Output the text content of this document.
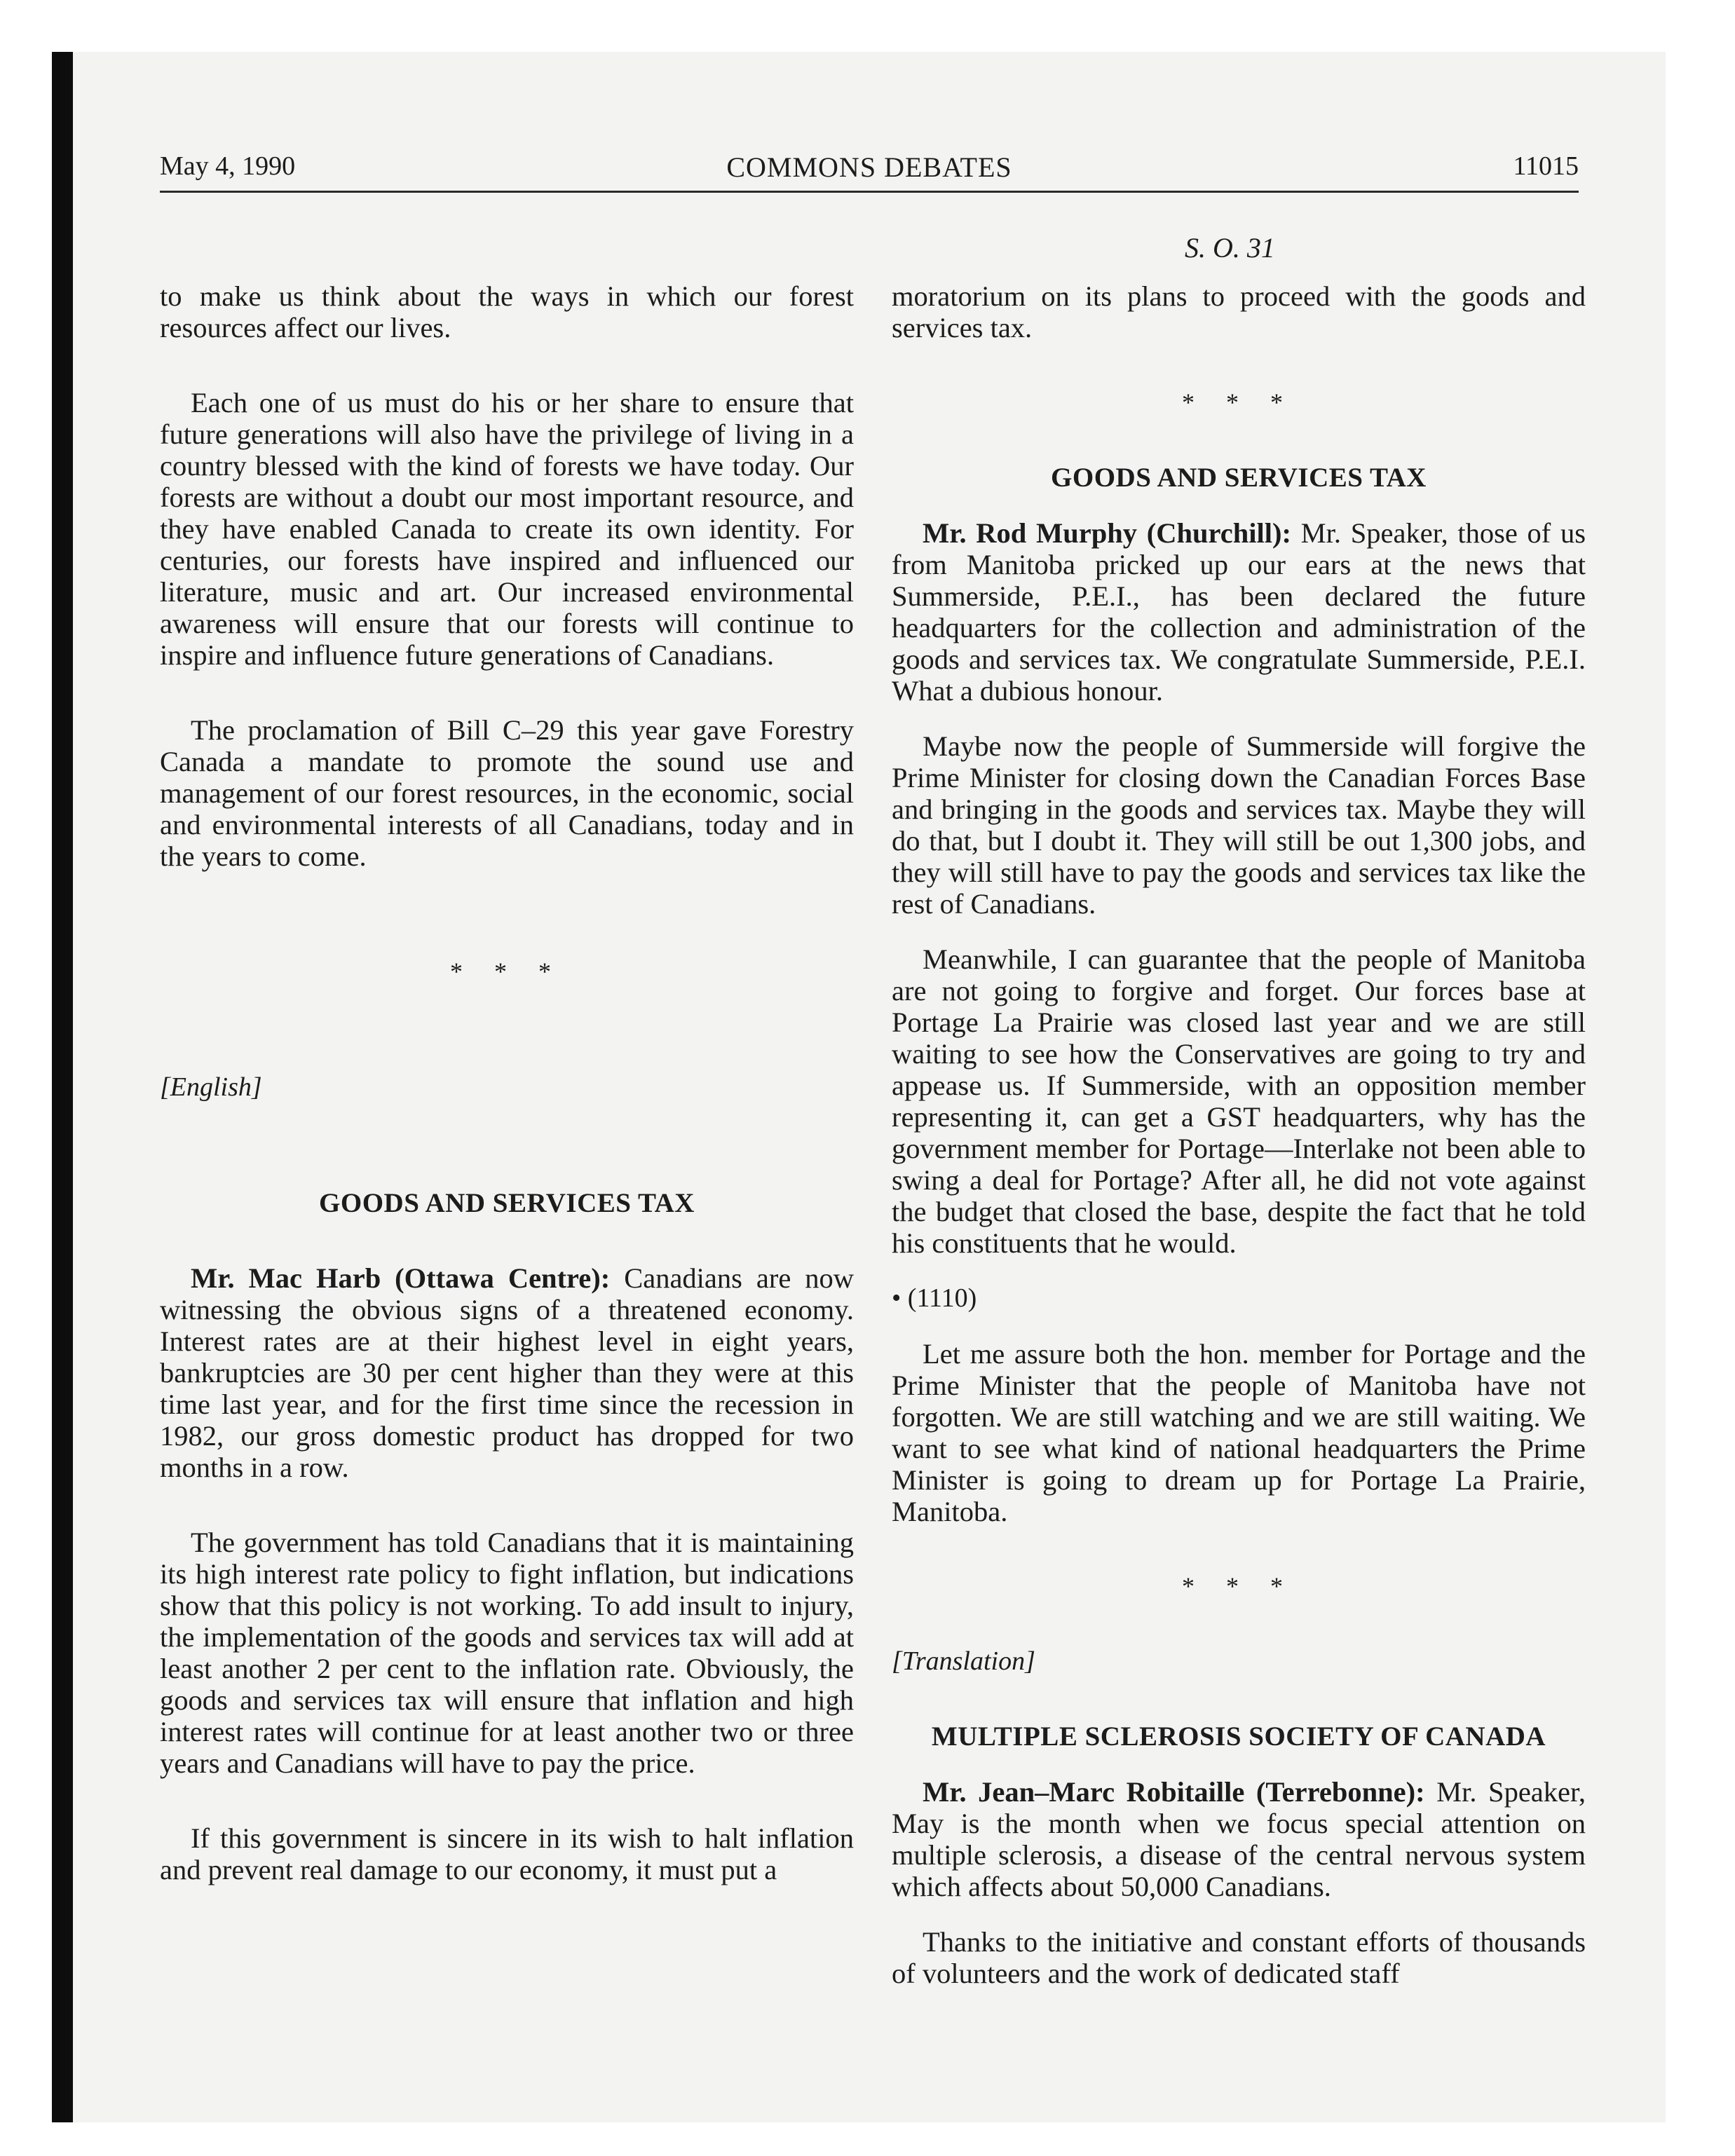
May 4, 1990	COMMONS DEBATES	11015
S. O. 31

to make us think about the ways in which our forest resources affect our lives.

Each one of us must do his or her share to ensure that future generations will also have the privilege of living in a country blessed with the kind of forests we have today. Our forests are without a doubt our most important resource, and they have enabled Canada to create its own identity. For centuries, our forests have inspired and influenced our literature, music and art. Our increased environmental awareness will ensure that our forests will continue to inspire and influence future generations of Canadians.

The proclamation of Bill C–29 this year gave Forestry Canada a mandate to promote the sound use and management of our forest resources, in the economic, social and environmental interests of all Canadians, today and in the years to come.

* * *

[English]

GOODS AND SERVICES TAX

Mr. Mac Harb (Ottawa Centre): Canadians are now witnessing the obvious signs of a threatened economy. Interest rates are at their highest level in eight years, bankruptcies are 30 per cent higher than they were at this time last year, and for the first time since the recession in 1982, our gross domestic product has dropped for two months in a row.

The government has told Canadians that it is maintaining its high interest rate policy to fight inflation, but indications show that this policy is not working. To add insult to injury, the implementation of the goods and services tax will add at least another 2 per cent to the inflation rate. Obviously, the goods and services tax will ensure that inflation and high interest rates will continue for at least another two or three years and Canadians will have to pay the price.

If this government is sincere in its wish to halt inflation and prevent real damage to our economy, it must put a

moratorium on its plans to proceed with the goods and services tax.

* * *

GOODS AND SERVICES TAX

Mr. Rod Murphy (Churchill): Mr. Speaker, those of us from Manitoba pricked up our ears at the news that Summerside, P.E.I., has been declared the future headquarters for the collection and administration of the goods and services tax. We congratulate Summerside, P.E.I. What a dubious honour.

Maybe now the people of Summerside will forgive the Prime Minister for closing down the Canadian Forces Base and bringing in the goods and services tax. Maybe they will do that, but I doubt it. They will still be out 1,300 jobs, and they will still have to pay the goods and services tax like the rest of Canadians.

Meanwhile, I can guarantee that the people of Manitoba are not going to forgive and forget. Our forces base at Portage La Prairie was closed last year and we are still waiting to see how the Conservatives are going to try and appease us. If Summerside, with an opposition member representing it, can get a GST headquarters, why has the government member for Portage—Interlake not been able to swing a deal for Portage? After all, he did not vote against the budget that closed the base, despite the fact that he told his constituents that he would.

• (1110)

Let me assure both the hon. member for Portage and the Prime Minister that the people of Manitoba have not forgotten. We are still watching and we are still waiting. We want to see what kind of national headquarters the Prime Minister is going to dream up for Portage La Prairie, Manitoba.

* * *

[Translation]

MULTIPLE SCLEROSIS SOCIETY OF CANADA

Mr. Jean–Marc Robitaille (Terrebonne): Mr. Speaker, May is the month when we focus special attention on multiple sclerosis, a disease of the central nervous system which affects about 50,000 Canadians.

Thanks to the initiative and constant efforts of thousands of volunteers and the work of dedicated staff
